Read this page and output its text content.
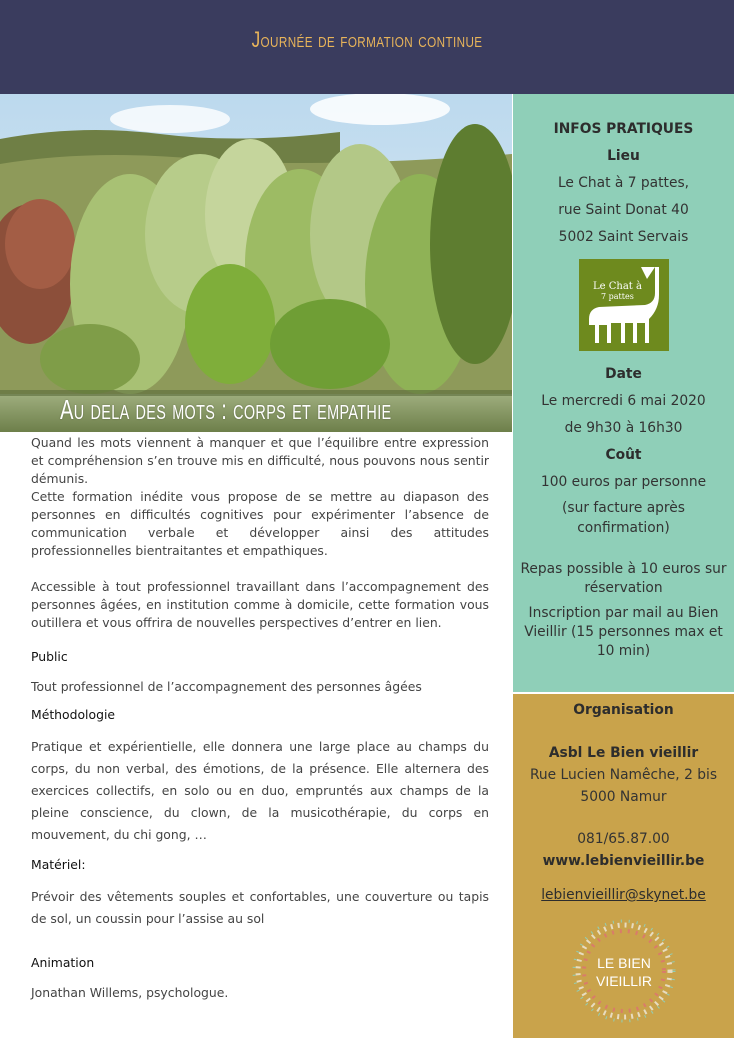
Journée de formation continue
Au dela des mots : corps et empathie

Quand les mots viennent à manquer et que l’équilibre entre expression et compréhension s’en trouve mis en difficulté, nous pouvons nous sentir démunis.

Cette formation inédite vous propose de se mettre au diapason des personnes en difficultés cognitives pour expérimenter l’absence de communication verbale et développer ainsi des attitudes professionnelles bientraitantes et empathiques.

Accessible à tout professionnel travaillant dans l’accompagnement des personnes âgées, en institution comme à domicile, cette formation vous outillera et vous offrira de nouvelles perspectives d’entrer en lien.

Public

Tout professionnel de l’accompagnement des personnes âgées

Méthodologie

Pratique et expérientielle, elle donnera une large place au champs du corps, du non verbal, des émotions, de la présence. Elle alternera des exercices collectifs, en solo ou en duo, empruntés aux champs de la pleine conscience, du clown, de la musicothérapie, du corps en mouvement, du chi gong, …

Matériel:

Prévoir des vêtements souples et confortables, une couverture ou tapis de sol, un coussin pour l’assise au sol

Animation

Jonathan Willems, psychologue.

INFOS PRATIQUES
Lieu
Le Chat à 7 pattes,
rue Saint Donat 40
5002 Saint Servais
Le Chat à
7 pattes
Date
Le mercredi 6 mai 2020
de 9h30 à 16h30
Coût
100 euros par personne
(sur facture après confirmation)
Repas possible à 10 euros sur réservation
Inscription par mail au Bien Vieillir (15 personnes max et 10 min)
Organisation
Asbl Le Bien vieillir
Rue Lucien Namêche, 2 bis
5000 Namur
081/65.87.00
www.lebienvieillir.be
lebienvieillir@skynet.be
LE BIEN
VIEILLIR
